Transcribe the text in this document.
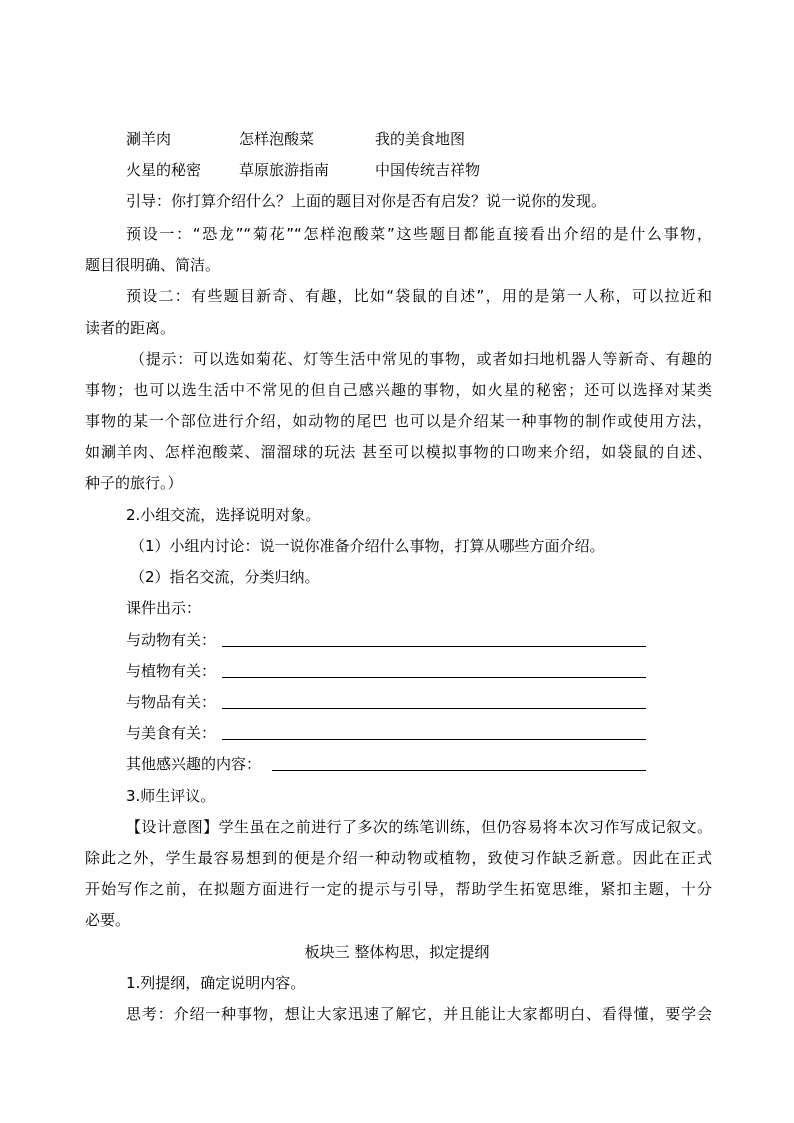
涮羊肉	怎样泡酸菜	我的美食地图
火星的秘密	草原旅游指南	中国传统吉祥物
引导：你打算介绍什么？上面的题目对你是否有启发？说一说你的发现。
预设一：“恐龙”“菊花”“怎样泡酸菜”这些题目都能直接看出介绍的是什么事物，
题目很明确、简洁。
预设二：有些题目新奇、有趣，比如“袋鼠的自述”，用的是第一人称，可以拉近和
读者的距离。
（提示：可以选如菊花、灯等生活中常见的事物，或者如扫地机器人等新奇、有趣的
事物；也可以选生活中不常见的但自己感兴趣的事物，如火星的秘密；还可以选择对某类
事物的某一个部位进行介绍，如动物的尾巴 也可以是介绍某一种事物的制作或使用方法，
如涮羊肉、怎样泡酸菜、溜溜球的玩法 甚至可以模拟事物的口吻来介绍，如袋鼠的自述、
种子的旅行。）
2.小组交流，选择说明对象。
（1）小组内讨论：说一说你准备介绍什么事物，打算从哪些方面介绍。
（2）指名交流，分类归纳。
课件出示：
与动物有关：
与植物有关：
与物品有关：
与美食有关：
其他感兴趣的内容：
3.师生评议。
【设计意图】学生虽在之前进行了多次的练笔训练，但仍容易将本次习作写成记叙文。
除此之外，学生最容易想到的便是介绍一种动物或植物，致使习作缺乏新意。因此在正式
开始写作之前，在拟题方面进行一定的提示与引导，帮助学生拓宽思维，紧扣主题，十分
必要。
板块三 整体构思，拟定提纲
1.列提纲，确定说明内容。
思考：介绍一种事物，想让大家迅速了解它，并且能让大家都明白、看得懂，要学会
